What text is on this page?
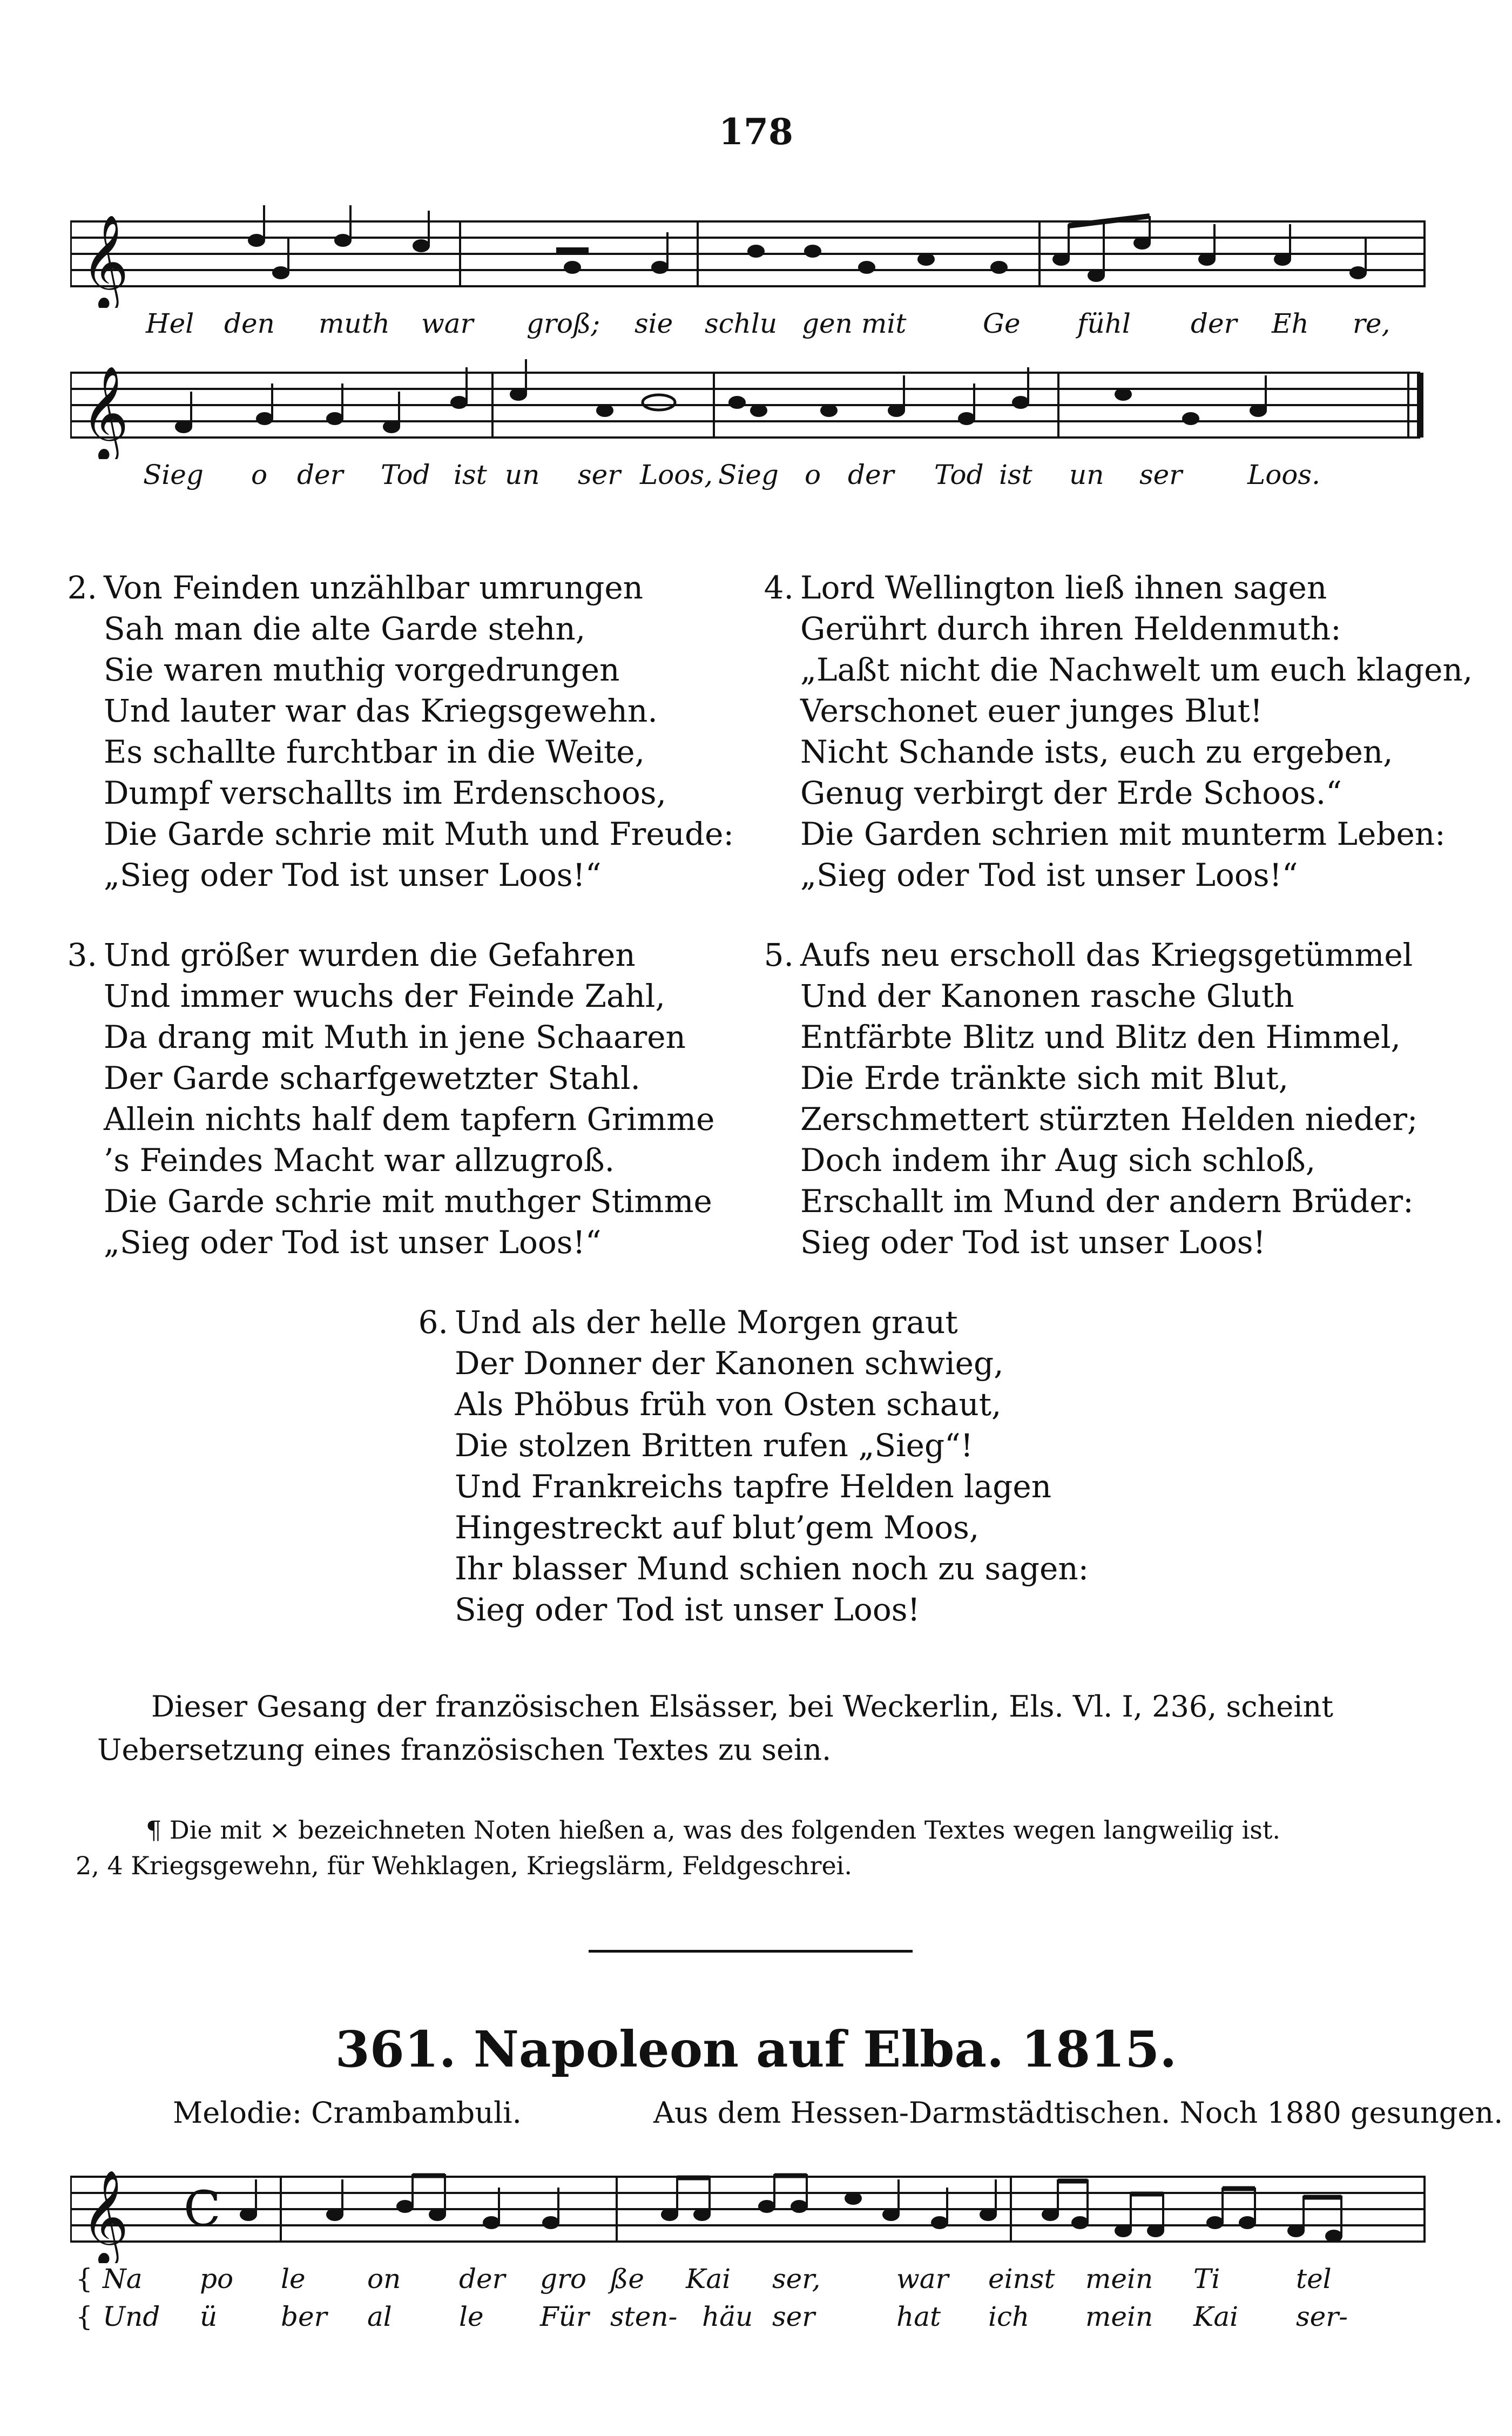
178
𝄞
Hel den muth war groß; sie schlu gen mit	Ge fühl der Eh re,
𝄞
Sieg o der Tod ist un ser Loos, Sieg o der Tod ist un ser Loos.
2. Von Feinden unzählbar umrungen
Sah man die alte Garde stehn,
Sie waren muthig vorgedrungen
Und lauter war das Kriegsgewehn.
Es schallte furchtbar in die Weite,
Dumpf verschallts im Erdenschoos,
Die Garde schrie mit Muth und Freude:
„Sieg oder Tod ist unser Loos!“
4. Lord Wellington ließ ihnen sagen
Gerührt durch ihren Heldenmuth:
„Laßt nicht die Nachwelt um euch klagen,
Verschonet euer junges Blut!
Nicht Schande ists, euch zu ergeben,
Genug verbirgt der Erde Schoos.“
Die Garden schrien mit munterm Leben:
„Sieg oder Tod ist unser Loos!“
3. Und größer wurden die Gefahren
Und immer wuchs der Feinde Zahl,
Da drang mit Muth in jene Schaaren
Der Garde scharfgewetzter Stahl.
Allein nichts half dem tapfern Grimme
’s Feindes Macht war allzugroß.
Die Garde schrie mit muthger Stimme
„Sieg oder Tod ist unser Loos!“
5. Aufs neu erscholl das Kriegsgetümmel
Und der Kanonen rasche Gluth
Entfärbte Blitz und Blitz den Himmel,
Die Erde tränkte sich mit Blut,
Zerschmettert stürzten Helden nieder;
Doch indem ihr Aug sich schloß,
Erschallt im Mund der andern Brüder:
Sieg oder Tod ist unser Loos!
6. Und als der helle Morgen graut
Der Donner der Kanonen schwieg,
Als Phöbus früh von Osten schaut,
Die stolzen Britten rufen „Sieg“!
Und Frankreichs tapfre Helden lagen
Hingestreckt auf blut’gem Moos,
Ihr blasser Mund schien noch zu sagen:
Sieg oder Tod ist unser Loos!

Dieser Gesang der französischen Elsässer, bei Weckerlin, Els. Vl. I, 236, scheint

Uebersetzung eines französischen Textes zu sein.

¶ Die mit × bezeichneten Noten hießen a, was des folgenden Textes wegen langweilig ist.
2, 4 Kriegsgewehn, für Wehklagen, Kriegslärm, Feldgeschrei.
361. Napoleon auf Elba. 1815.
Melodie: Crambambuli.	Aus dem Hessen-Darmstädtischen. Noch 1880 gesungen.
𝄞 C
{ Na po le on der gro ße Kai ser,	war einst mein Ti	tel
{ Und ü ber al le Für sten- häu ser	hat ich mein Kai ser-
